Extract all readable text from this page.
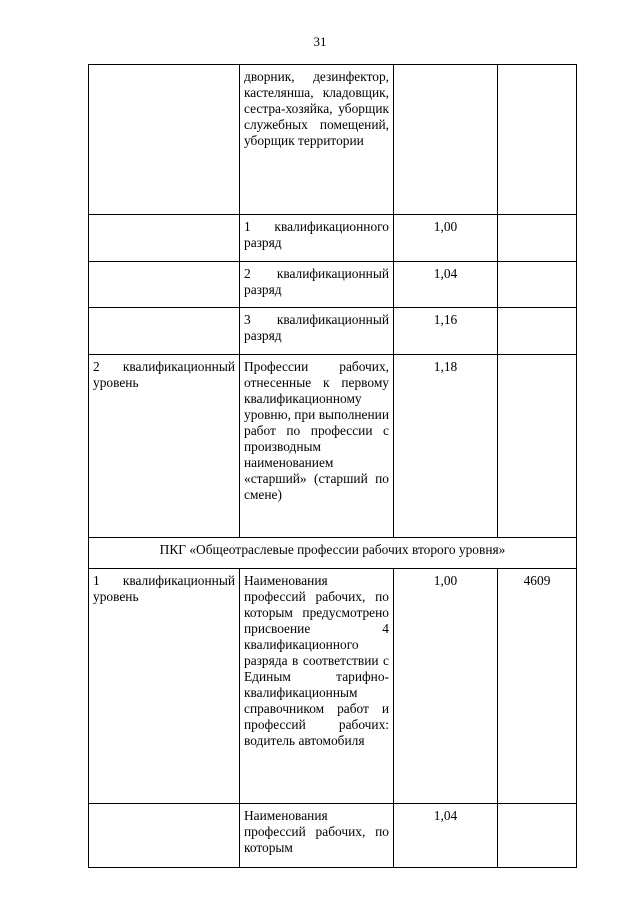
31
	дворник, дезинфектор, кастелянша, кладовщик, сестра-хозяйка, уборщик служебных помещений, уборщик территории		
	1 квалификационного разряд	1,00	
	2 квалификационный разряд	1,04	
	3 квалификационный разряд	1,16	
2 квалификационный уровень	Профессии рабочих, отнесенные к первому квалификационному уровню, при выполнении работ по профессии с производным наименованием «старший» (старший по смене)	1,18	
ПКГ «Общеотраслевые профессии рабочих второго уровня»			
1 квалификационный уровень	Наименования профессий рабочих, по которым предусмотрено присвоение 4 квалификационного разряда в соответствии с Единым тарифно-квалификационным справочником работ и профессий рабочих: водитель автомобиля	1,00	4609
	Наименования профессий рабочих, по которым	1,04	
